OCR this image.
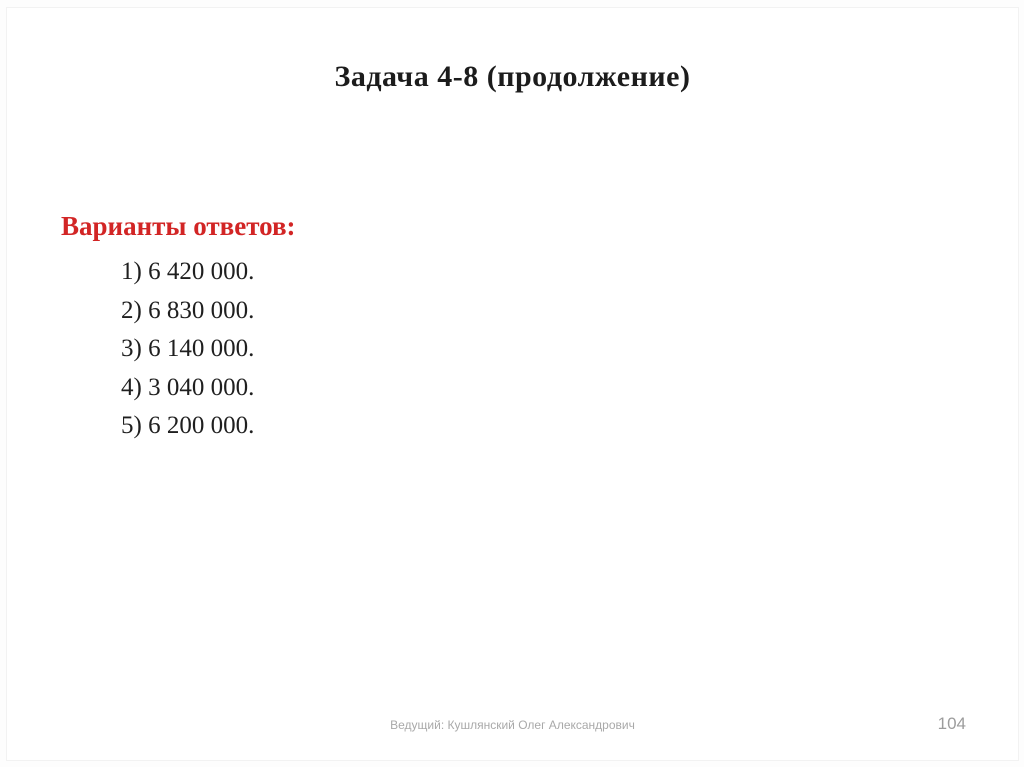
Задача 4-8 (продолжение)
Варианты ответов:
1) 6 420 000.
2) 6 830 000.
3) 6 140 000.
4) 3 040 000.
5) 6 200 000.
Ведущий: Кушлянский Олег Александрович	104
